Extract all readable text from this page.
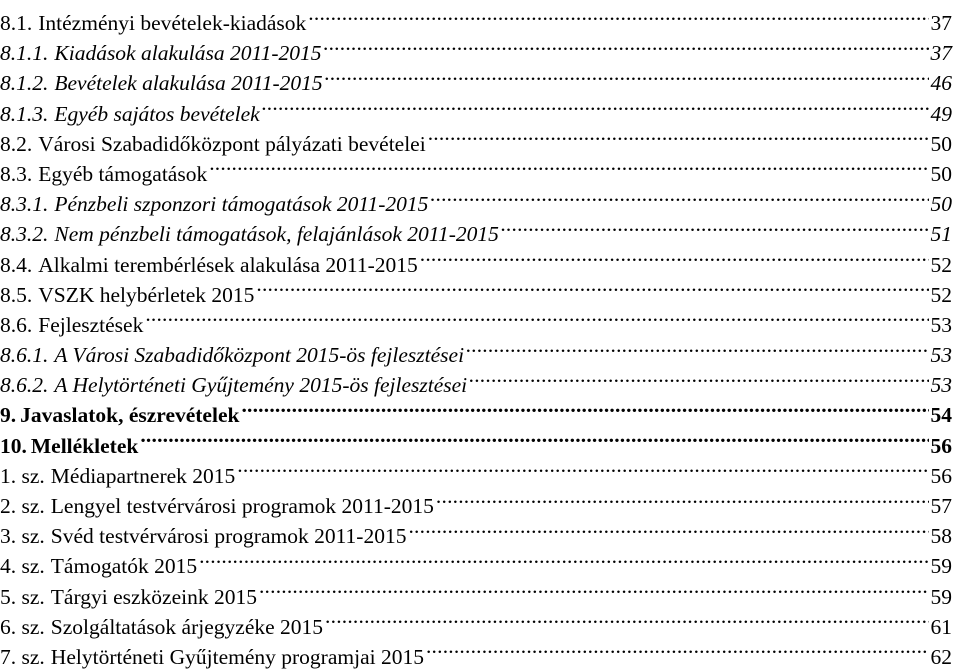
8.1. Intézményi bevételek-kiadások .....	37
8.1.1. Kiadások alakulása 2011-2015 .....	37
8.1.2. Bevételek alakulása 2011-2015 .....	46
8.1.3. Egyéb sajátos bevételek .....	49
8.2. Városi Szabadidőközpont pályázati bevételei .....	50
8.3. Egyéb támogatások .....	50
8.3.1. Pénzbeli szponzori támogatások 2011-2015 .....	50
8.3.2. Nem pénzbeli támogatások, felajánlások 2011-2015 .....	51
8.4. Alkalmi terembérlések alakulása 2011-2015 .....	52
8.5. VSZK helybérletek 2015 .....	52
8.6. Fejlesztések .....	53
8.6.1. A Városi Szabadidőközpont 2015-ös fejlesztései .....	53
8.6.2. A Helytörténeti Gyűjtemény 2015-ös fejlesztései .....	53
9. Javaslatok, észrevételek .....	54
10. Mellékletek .....	56
1. sz. Médiapartnerek 2015 .....	56
2. sz. Lengyel testvérvárosi programok 2011-2015 .....	57
3. sz. Svéd testvérvárosi programok 2011-2015 .....	58
4. sz. Támogatók 2015 .....	59
5. sz. Tárgyi eszközeink 2015 .....	59
6. sz. Szolgáltatások árjegyzéke 2015 .....	61
7. sz. Helytörténeti Gyűjtemény programjai 2015 .....	62
